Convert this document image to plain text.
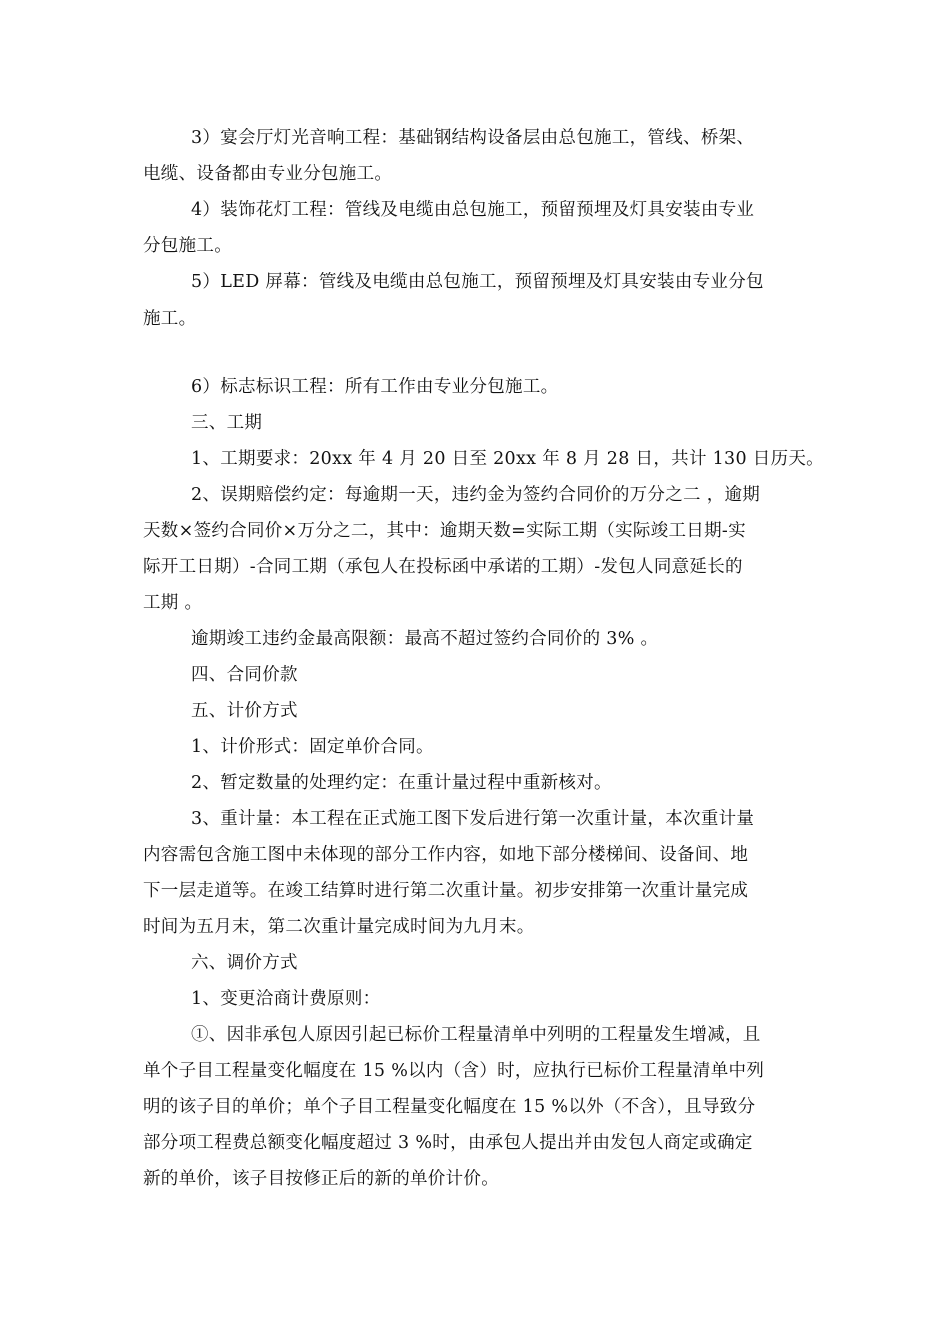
3）宴会厅灯光音响工程：基础钢结构设备层由总包施工，管线、桥架、
电缆、设备都由专业分包施工。
4）装饰花灯工程：管线及电缆由总包施工，预留预埋及灯具安装由专业
分包施工。
5）LED 屏幕：管线及电缆由总包施工，预留预埋及灯具安装由专业分包
施工。
6）标志标识工程：所有工作由专业分包施工。
三、工期
1、工期要求：20xx 年 4 月 20 日至 20xx 年 8 月 28 日，共计 130 日历天。
2、误期赔偿约定：每逾期一天，违约金为签约合同价的万分之二 ，逾期
天数×签约合同价×万分之二，其中：逾期天数=实际工期（实际竣工日期-实
际开工日期）-合同工期（承包人在投标函中承诺的工期）-发包人同意延长的
工期 。
逾期竣工违约金最高限额：最高不超过签约合同价的 3% 。
四、合同价款
五、计价方式
1、计价形式：固定单价合同。
2、暂定数量的处理约定：在重计量过程中重新核对。
3、重计量：本工程在正式施工图下发后进行第一次重计量，本次重计量
内容需包含施工图中未体现的部分工作内容，如地下部分楼梯间、设备间、地
下一层走道等。在竣工结算时进行第二次重计量。初步安排第一次重计量完成
时间为五月末，第二次重计量完成时间为九月末。
六、调价方式
1、变更洽商计费原则：
①、因非承包人原因引起已标价工程量清单中列明的工程量发生增减，且
单个子目工程量变化幅度在 15 %以内（含）时，应执行已标价工程量清单中列
明的该子目的单价；单个子目工程量变化幅度在 15 %以外（不含），且导致分
部分项工程费总额变化幅度超过 3 %时，由承包人提出并由发包人商定或确定
新的单价，该子目按修正后的新的单价计价。
